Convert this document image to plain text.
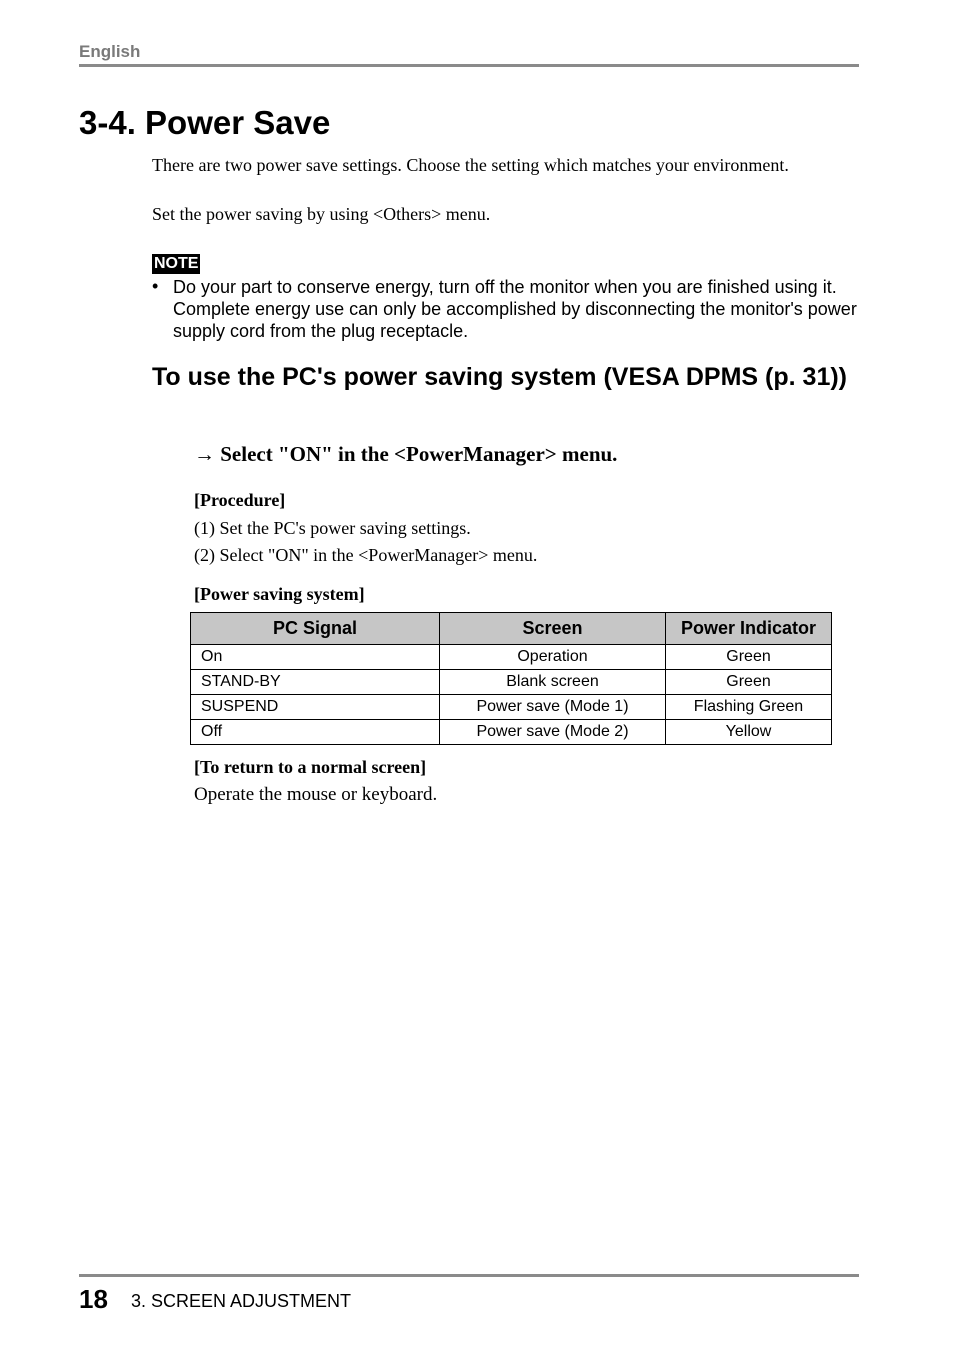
English
3-4. Power Save
There are two power save settings. Choose the setting which matches your environment.
Set the power saving by using <Others> menu.
NOTE
• Do your part to conserve energy, turn off the monitor when you are finished using it. Complete energy use can only be accomplished by disconnecting the monitor's power supply cord from the plug receptacle.
To use the PC's power saving system (VESA DPMS (p. 31))
→ Select "ON" in the <PowerManager> menu.
[Procedure]
(1) Set the PC's power saving settings.
(2) Select "ON" in the <PowerManager> menu.
[Power saving system]
PC Signal	Screen	Power Indicator
On	Operation	Green
STAND-BY	Blank screen	Green
SUSPEND	Power save (Mode 1)	Flashing Green
Off	Power save (Mode 2)	Yellow
[To return to a normal screen]
Operate the mouse or keyboard.
18 3. SCREEN ADJUSTMENT
